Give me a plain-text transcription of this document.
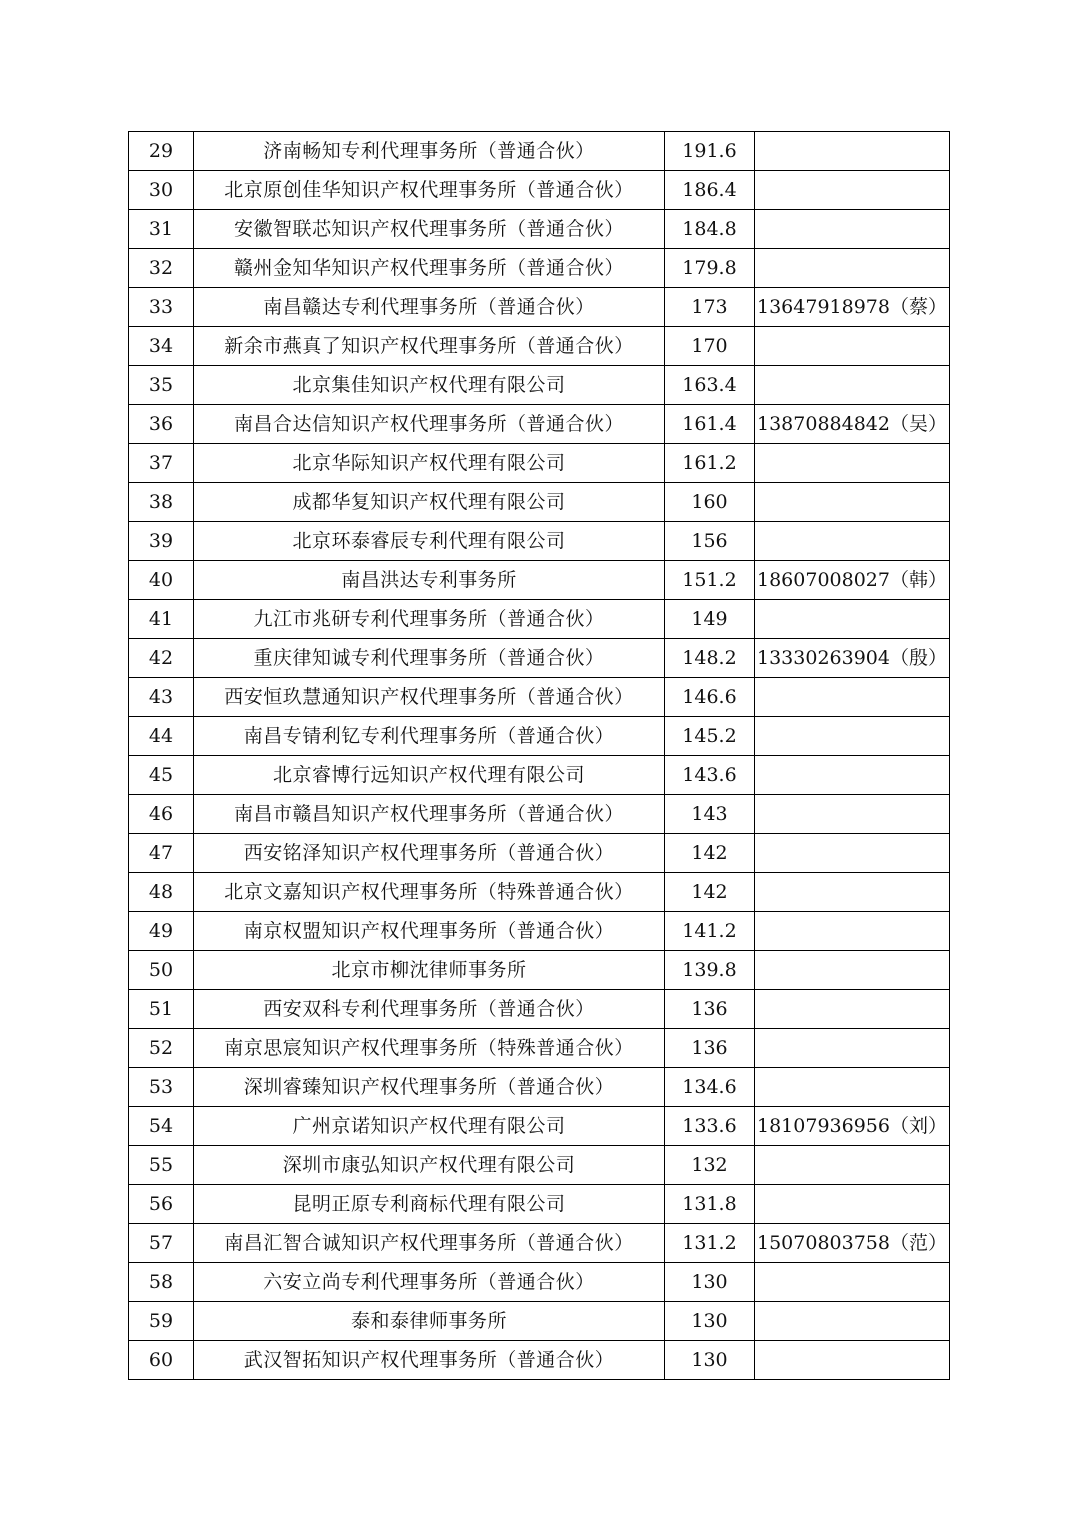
29	济南畅知专利代理事务所（普通合伙）	191.6	
30	北京原创佳华知识产权代理事务所（普通合伙）	186.4	
31	安徽智联芯知识产权代理事务所（普通合伙）	184.8	
32	赣州金知华知识产权代理事务所（普通合伙）	179.8	
33	南昌赣达专利代理事务所（普通合伙）	173	13647918978（蔡）
34	新余市燕真了知识产权代理事务所（普通合伙）	170	
35	北京集佳知识产权代理有限公司	163.4	
36	南昌合达信知识产权代理事务所（普通合伙）	161.4	13870884842（吴）
37	北京华际知识产权代理有限公司	161.2	
38	成都华复知识产权代理有限公司	160	
39	北京环泰睿辰专利代理有限公司	156	
40	南昌洪达专利事务所	151.2	18607008027（韩）
41	九江市兆研专利代理事务所（普通合伙）	149	
42	重庆律知诚专利代理事务所（普通合伙）	148.2	13330263904（殷）
43	西安恒玖慧通知识产权代理事务所（普通合伙）	146.6	
44	南昌专锖利钇专利代理事务所（普通合伙）	145.2	
45	北京睿博行远知识产权代理有限公司	143.6	
46	南昌市赣昌知识产权代理事务所（普通合伙）	143	
47	西安铭泽知识产权代理事务所（普通合伙）	142	
48	北京文嘉知识产权代理事务所（特殊普通合伙）	142	
49	南京权盟知识产权代理事务所（普通合伙）	141.2	
50	北京市柳沈律师事务所	139.8	
51	西安双科专利代理事务所（普通合伙）	136	
52	南京思宸知识产权代理事务所（特殊普通合伙）	136	
53	深圳睿臻知识产权代理事务所（普通合伙）	134.6	
54	广州京诺知识产权代理有限公司	133.6	18107936956（刘）
55	深圳市康弘知识产权代理有限公司	132	
56	昆明正原专利商标代理有限公司	131.8	
57	南昌汇智合诚知识产权代理事务所（普通合伙）	131.2	15070803758（范）
58	六安立尚专利代理事务所（普通合伙）	130	
59	泰和泰律师事务所	130	
60	武汉智拓知识产权代理事务所（普通合伙）	130	
